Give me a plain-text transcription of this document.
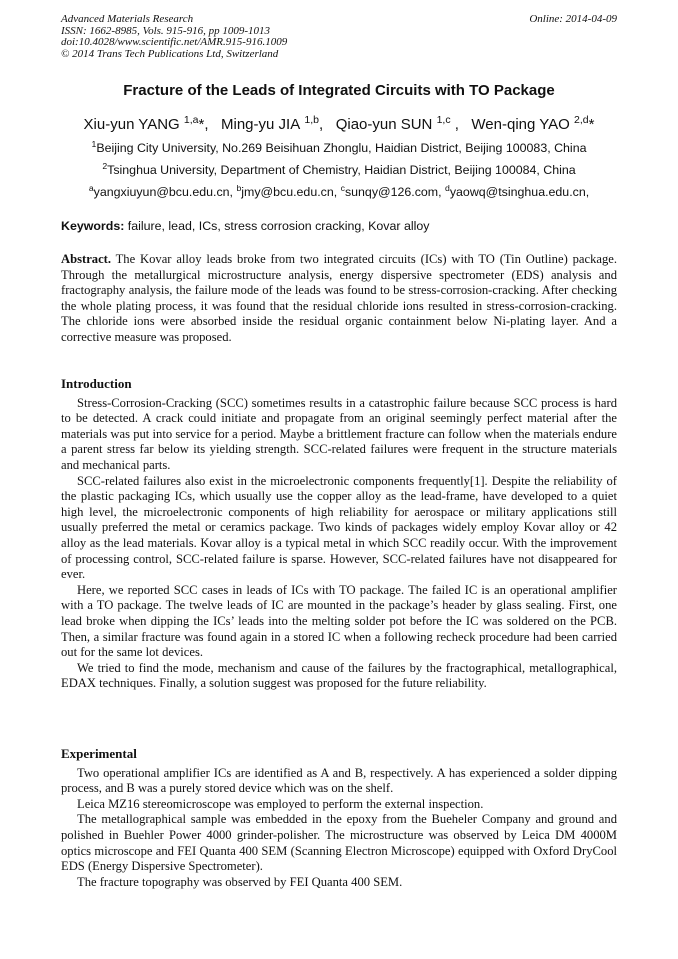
Advanced Materials Research
ISSN: 1662-8985, Vols. 915-916, pp 1009-1013
doi:10.4028/www.scientific.net/AMR.915-916.1009
© 2014 Trans Tech Publications Ltd, Switzerland
Online: 2014-04-09
Fracture of the Leads of Integrated Circuits with TO Package
Xiu-yun YANG $^{1,a}$*,   Ming-yu JIA $^{1,b}$,   Qiao-yun SUN $^{1,c}$ ,   Wen-qing YAO $^{2,d}$*
$^1$Beijing City University, No.269 Beisihuan Zhonglu, Haidian District, Beijing 100083, China
$^2$Tsinghua University, Department of Chemistry, Haidian District, Beijing 100084, China
$^a$yangxiuyun@bcu.edu.cn, $^b$jmy@bcu.edu.cn, $^c$sunqy@126.com, $^d$yaowq@tsinghua.edu.cn,
Keywords: failure, lead, ICs, stress corrosion cracking, Kovar alloy

Abstract. The Kovar alloy leads broke from two integrated circuits (ICs) with TO (Tin Outline) package. Through the metallurgical microstructure analysis, energy dispersive spectrometer (EDS) analysis and fractography analysis, the failure mode of the leads was found to be stress-corrosion-cracking. After checking the whole plating process, it was found that the residual chloride ions resulted in stress-corrosion-cracking. The chloride ions were absorbed inside the residual organic containment below Ni-plating layer. And a corrective measure was proposed.

Introduction

Stress-Corrosion-Cracking (SCC) sometimes results in a catastrophic failure because SCC process is hard to be detected. A crack could initiate and propagate from an original seemingly perfect material after the materials was put into service for a period. Maybe a brittlement fracture can follow when the materials endure a parent stress far below its yielding strength. SCC-related failures were frequent in the structure materials and mechanical parts.

SCC-related failures also exist in the microelectronic components frequently[1]. Despite the reliability of the plastic packaging ICs, which usually use the copper alloy as the lead-frame, have developed to a quiet high level, the microelectronic components of high reliability for aerospace or military applications still usually preferred the metal or ceramics package. Two kinds of packages widely employ Kovar alloy or 42 alloy as the lead materials. Kovar alloy is a typical metal in which SCC readily occur. With the improvement of processing control, SCC-related failure is sparse. However, SCC-related failures have not disappeared for ever.

Here, we reported SCC cases in leads of ICs with TO package. The failed IC is an operational amplifier with a TO package. The twelve leads of IC are mounted in the package’s header by glass sealing. First, one lead broke when dipping the ICs’ leads into the melting solder pot before the IC was soldered on the PCB. Then, a similar fracture was found again in a stored IC when a following recheck procedure had been carried out for the same lot devices.

We tried to find the mode, mechanism and cause of the failures by the fractographical, metallographical, EDAX techniques. Finally, a solution suggest was proposed for the future reliability.

Experimental

Two operational amplifier ICs are identified as A and B, respectively. A has experienced a solder dipping process, and B was a purely stored device which was on the shelf.

Leica MZ16 stereomicroscope was employed to perform the external inspection.

The metallographical sample was embedded in the epoxy from the Bueheler Company and ground and polished in Buehler Power 4000 grinder-polisher. The microstructure was observed by Leica DM 4000M optics microscope and FEI Quanta 400 SEM (Scanning Electron Microscope) equipped with Oxford DryCool EDS (Energy Dispersive Spectrometer).

The fracture topography was observed by FEI Quanta 400 SEM.
